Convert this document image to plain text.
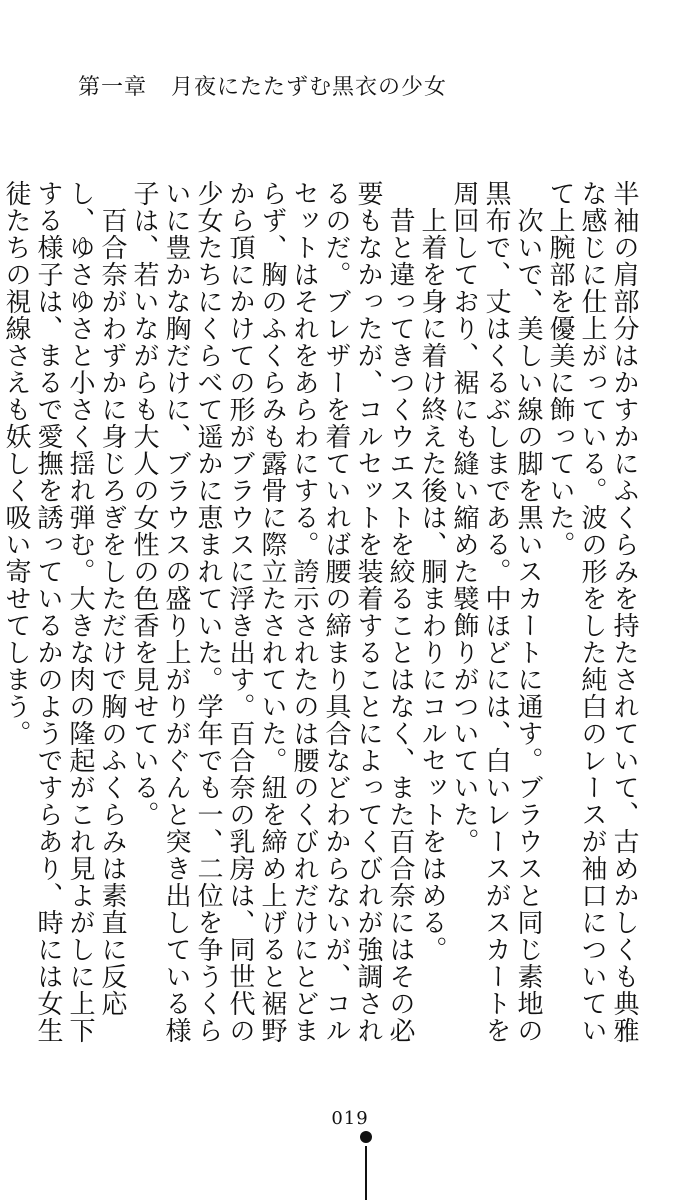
第一章 月夜にたたずむ黒衣の少女

半袖の肩部分はかすかにふくらみを持たされていて、古めかしくも典雅な感じに仕上がっている。波の形をした純白のレースが袖口についていて上腕部を優美に飾っていた。

　次いで、美しい線の脚を黒いスカートに通す。ブラウスと同じ素地の黒布で、丈はくるぶしまである。中ほどには、白いレースがスカートを周回しており、裾にも縫い縮めた襞飾りがついていた。

　上着を身に着け終えた後は、胴まわりにコルセットをはめる。

　昔と違ってきつくウエストを絞ることはなく、また百合奈にはその必要もなかったが、コルセットを装着することによってくびれが強調されるのだ。ブレザーを着ていれば腰の締まり具合などわからないが、コルセットはそれをあらわにする。誇示されたのは腰のくびれだけにとどまらず、胸のふくらみも露骨に際立たされていた。紐を締め上げると裾野から頂にかけての形がブラウスに浮き出す。百合奈の乳房は、同世代の少女たちにくらべて遥かに恵まれていた。学年でも一、二位を争うくらいに豊かな胸だけに、ブラウスの盛り上がりがぐんと突き出している様子は、若いながらも大人の女性の色香を見せている。

　百合奈がわずかに身じろぎをしただけで胸のふくらみは素直に反応し、ゆさゆさと小さく揺れ弾む。大きな肉の隆起がこれ見よがしに上下する様子は、まるで愛撫を誘っているかのようですらあり、時には女生徒たちの視線さえも妖しく吸い寄せてしまう。

019
